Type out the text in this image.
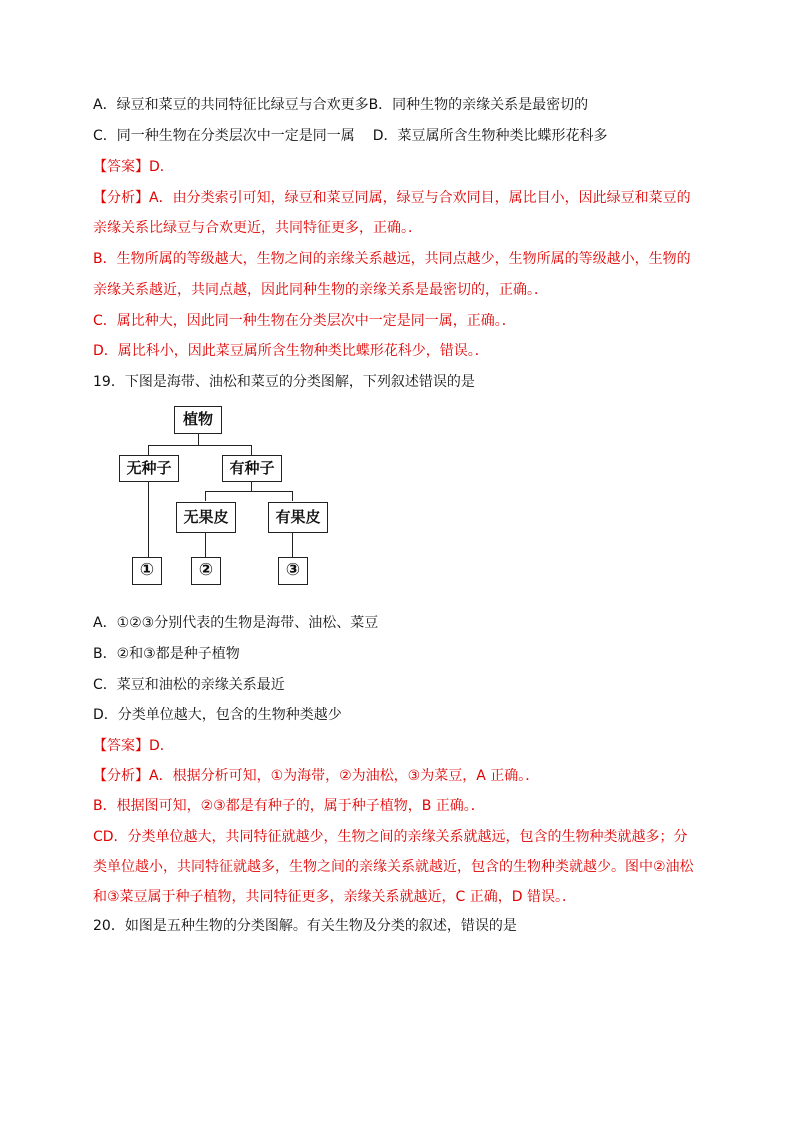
A．绿豆和菜豆的共同特征比绿豆与合欢更多B．同种生物的亲缘关系是最密切的
C．同一种生物在分类层次中一定是同一属 D．菜豆属所含生物种类比蝶形花科多
【答案】D．
【分析】A．由分类索引可知，绿豆和菜豆同属，绿豆与合欢同目，属比目小，因此绿豆和菜豆的
亲缘关系比绿豆与合欢更近，共同特征更多，正确。．
B．生物所属的等级越大，生物之间的亲缘关系越远，共同点越少，生物所属的等级越小，生物的
亲缘关系越近，共同点越，因此同种生物的亲缘关系是最密切的，正确。．
C．属比种大，因此同一种生物在分类层次中一定是同一属，正确。．
D．属比科小，因此菜豆属所含生物种类比蝶形花科少，错误。．
19．下图是海带、油松和菜豆的分类图解，下列叙述错误的是
植物
无种子	有种子
无果皮	有果皮
①	②	③
A．①②③分别代表的生物是海带、油松、菜豆
B．②和③都是种子植物
C．菜豆和油松的亲缘关系最近
D．分类单位越大，包含的生物种类越少
【答案】D．
【分析】A．根据分析可知，①为海带，②为油松，③为菜豆，A 正确。．
B．根据图可知，②③都是有种子的，属于种子植物，B 正确。．
CD．分类单位越大，共同特征就越少，生物之间的亲缘关系就越远，包含的生物种类就越多；分
类单位越小，共同特征就越多，生物之间的亲缘关系就越近，包含的生物种类就越少。图中②油松
和③菜豆属于种子植物，共同特征更多，亲缘关系就越近，C 正确，D 错误。．
20．如图是五种生物的分类图解。有关生物及分类的叙述，错误的是
